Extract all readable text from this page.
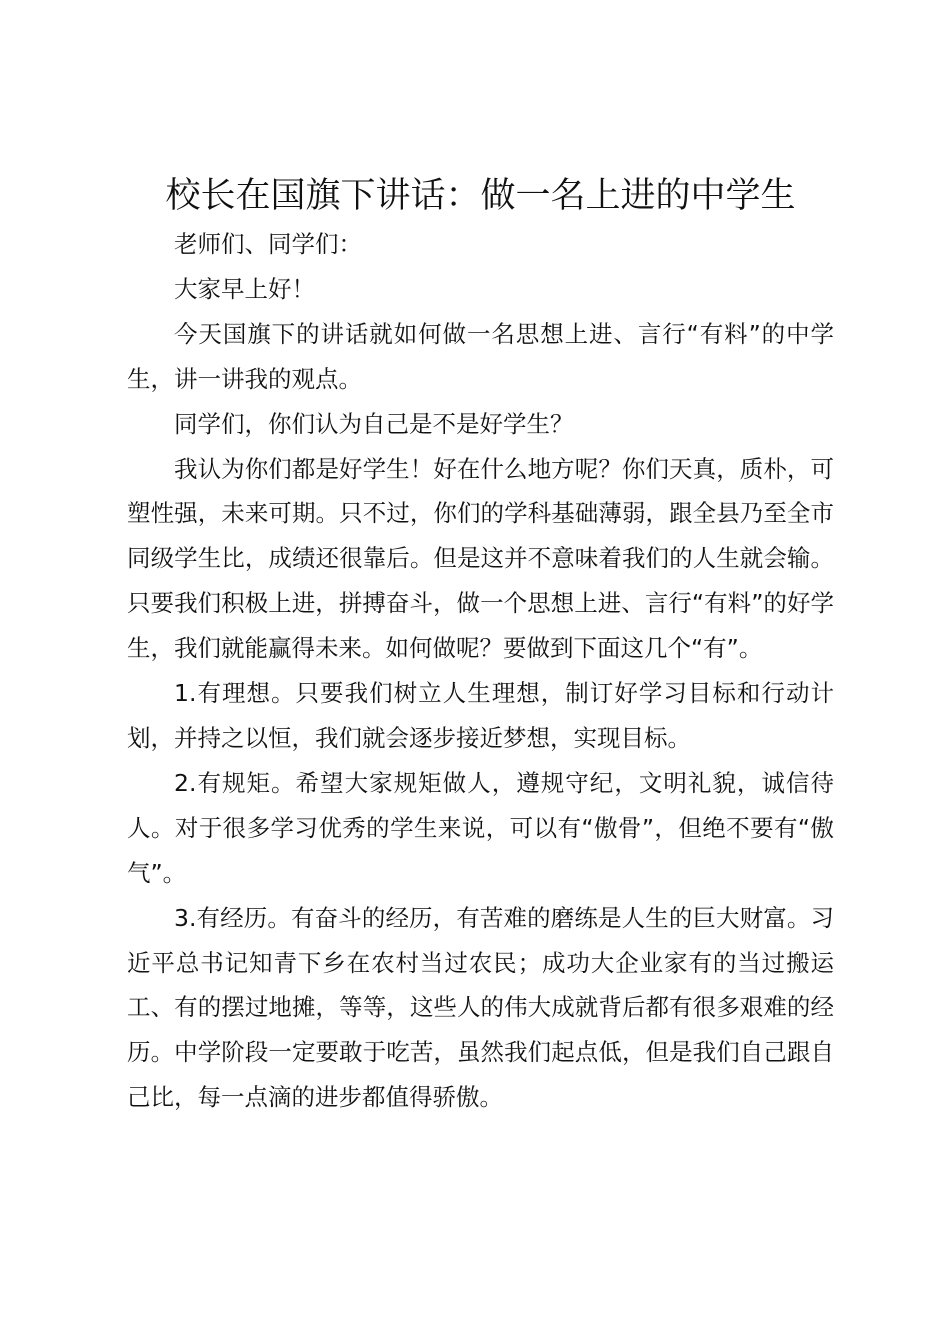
校长在国旗下讲话：做一名上进的中学生

老师们、同学们：

大家早上好！

今天国旗下的讲话就如何做一名思想上进、言行“有料”的中学生，讲一讲我的观点。

同学们，你们认为自己是不是好学生？

我认为你们都是好学生！好在什么地方呢？你们天真，质朴，可塑性强，未来可期。只不过，你们的学科基础薄弱，跟全县乃至全市同级学生比，成绩还很靠后。但是这并不意味着我们的人生就会输。只要我们积极上进，拼搏奋斗，做一个思想上进、言行“有料”的好学生，我们就能赢得未来。如何做呢？要做到下面这几个“有”。

1.有理想。只要我们树立人生理想，制订好学习目标和行动计划，并持之以恒，我们就会逐步接近梦想，实现目标。

2.有规矩。希望大家规矩做人，遵规守纪，文明礼貌，诚信待人。对于很多学习优秀的学生来说，可以有“傲骨”，但绝不要有“傲气”。

3.有经历。有奋斗的经历，有苦难的磨练是人生的巨大财富。习近平总书记知青下乡在农村当过农民；成功大企业家有的当过搬运工、有的摆过地摊，等等，这些人的伟大成就背后都有很多艰难的经历。中学阶段一定要敢于吃苦，虽然我们起点低，但是我们自己跟自己比，每一点滴的进步都值得骄傲。
